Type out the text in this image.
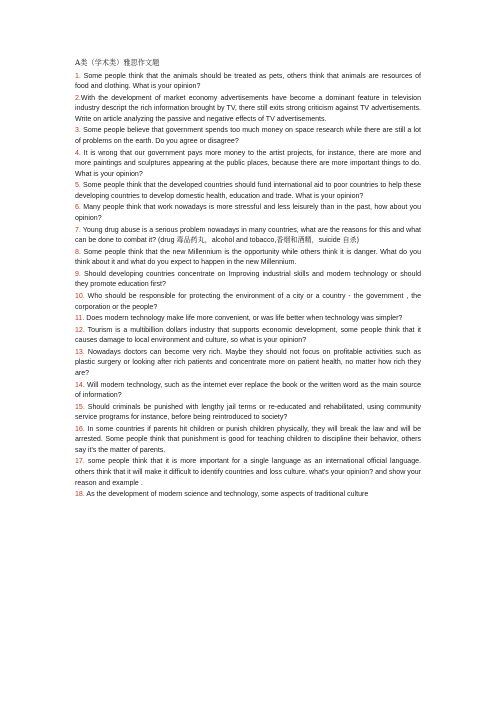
A类（学术类）雅思作文题
1. Some people think that the animals should be treated as pets, others think that animals are resources of food and clothing. What is your opinion?
2.With the development of market economy advertisements have become a dominant feature in television industry descript the rich information brought by TV, there still exits strong criticism against TV advertisements. Write on article analyzing the passive and negative effects of TV advertisements.
3. Some people believe that government spends too much money on space research while there are still a lot of problems on the earth. Do you agree or disagree?
4. It is wrong that our government pays more money to the artist projects, for instance, there are more and more paintings and sculptures appearing at the public places, because there are more important things to do. What is your opinion?
5. Some people think that the developed countries should fund international aid to poor countries to help these developing countries to develop domestic health, education and trade. What is your opinion?
6. Many people think that work nowadays is more stressful and less leisurely than in the past, how about you opinion?
7. Young drug abuse is a serious problem nowadays in many countries, what are the reasons for this and what can be done to combat it? (drug 毒品药丸，alcohol and tobacco,香烟和酒精，suicide 自杀)
8. Some people think that the new Millennium is the opportunity while others think it is danger. What do you think about it and what do you expect to happen in the new Millennium.
9. Should developing countries concentrate on Improving industrial skills and modern technology or should they promote education first?
10. Who should be responsible for protecting the environment of a city or a country - the government , the corporation or the people?
11. Does modern technology make life more convenient, or was life better when technology was simpler?
12. Tourism is a multibillion dollars industry that supports economic development, some people think that it causes damage to local environment and culture, so what is your opinion?
13. Nowadays doctors can become very rich. Maybe they should not focus on profitable activities such as plastic surgery or looking after rich patients and concentrate more on patient health, no matter how rich they are?
14. Will modern technology, such as the internet ever replace the book or the written word as the main source of information?
15. Should criminals be punished with lengthy jail terms or re-educated and rehabilitated, using community service programs for instance, before being reintroduced to society?
16. In some countries if parents hit children or punish children physically, they will break the law and will be arrested. Some people think that punishment is good for teaching children to discipline their behavior, others say it's the matter of parents.
17. some people think that it is more important for a single language as an international official language. others think that it will make it difficult to identify countries and loss culture. what's your opinion? and show your reason and example .
18. As the development of modern science and technology, some aspects of traditional culture
